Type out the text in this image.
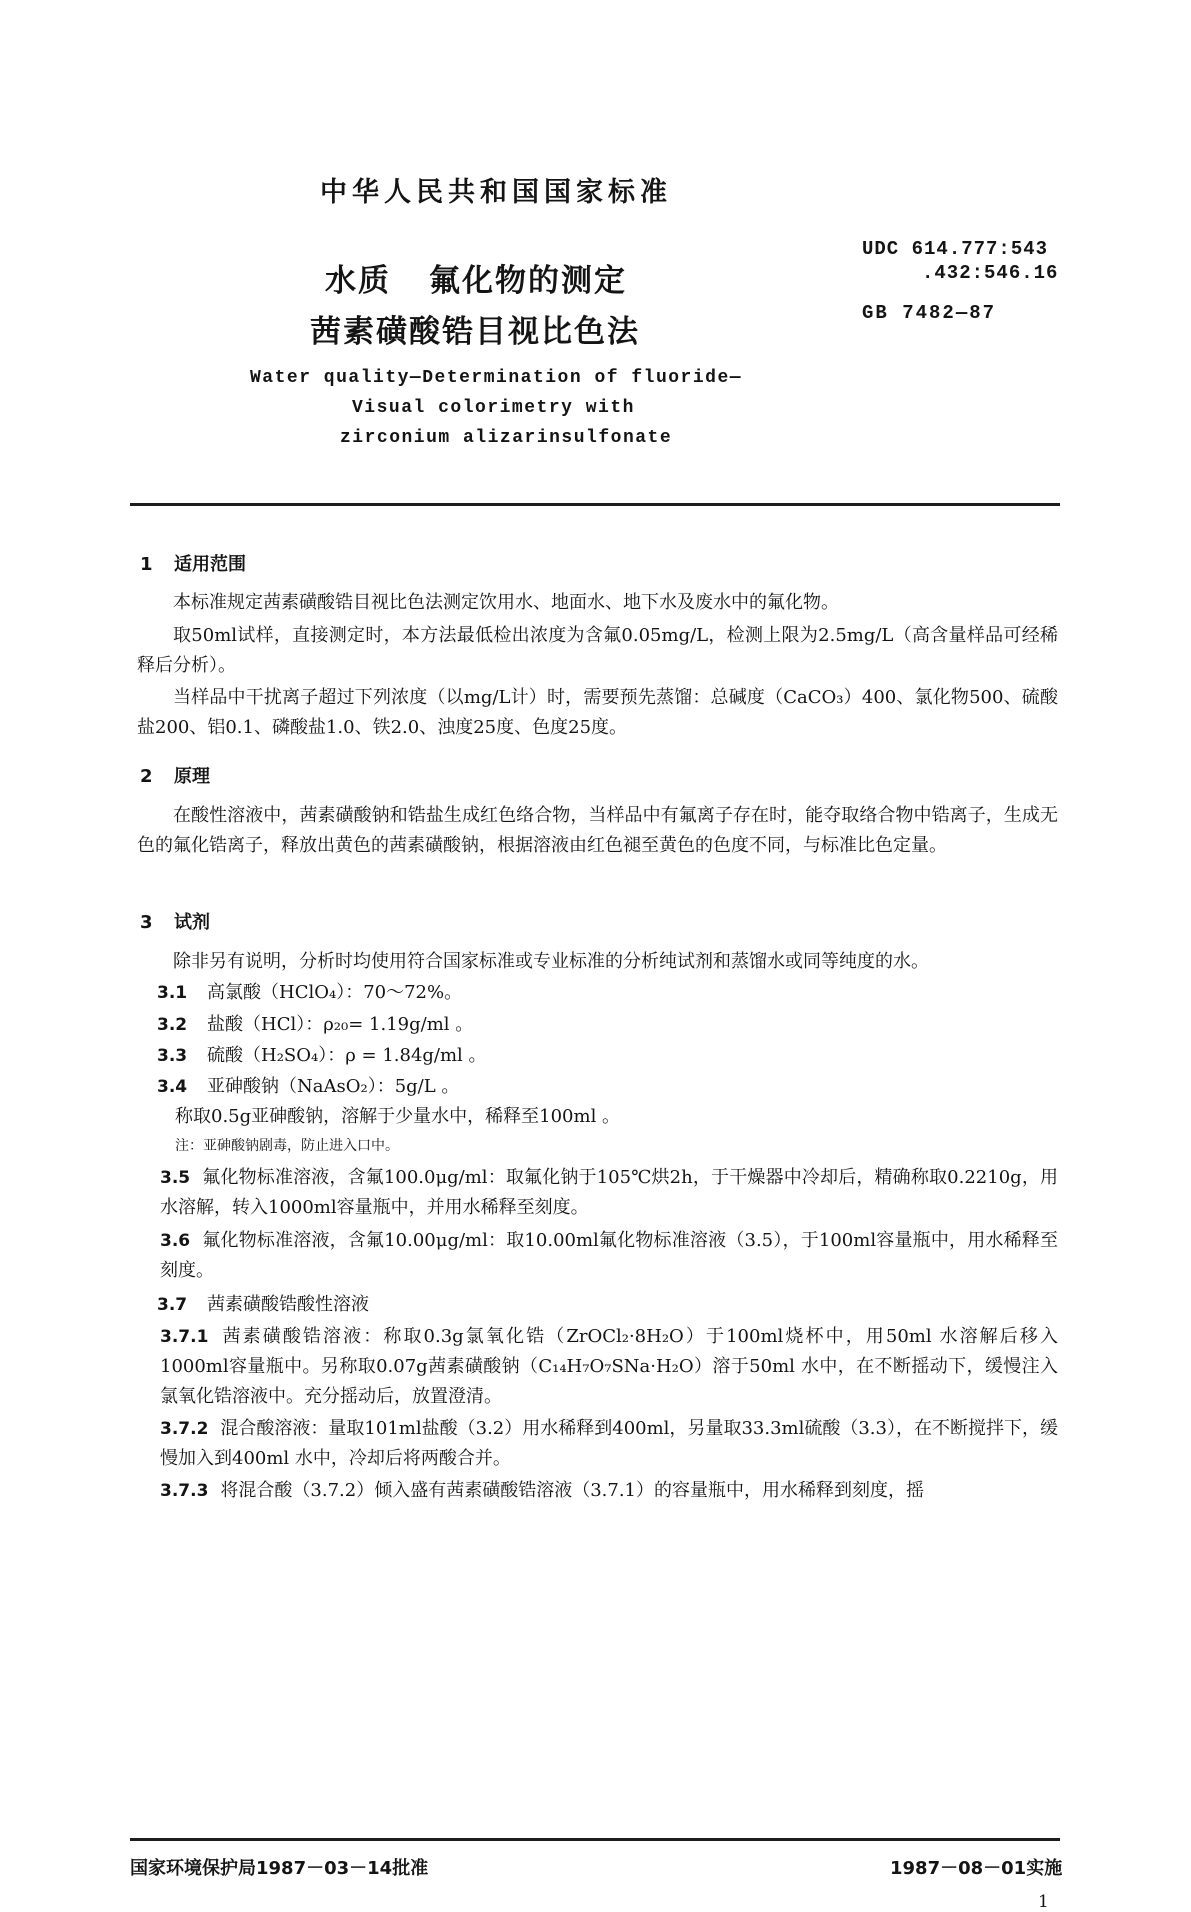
中华人民共和国国家标准
水质 氟化物的测定
茜素磺酸锆目视比色法
UDC 614.777:543
.432:546.16
GB 7482—87
Water quality—Determination of fluoride—
Visual colorimetry with
zirconium alizarinsulfonate
1 适用范围
本标准规定茜素磺酸锆目视比色法测定饮用水、地面水、地下水及废水中的氟化物。
取50ml试样，直接测定时，本方法最低检出浓度为含氟0.05mg/L，检测上限为2.5mg/L（高含量样品可经稀释后分析）。
当样品中干扰离子超过下列浓度（以mg/L计）时，需要预先蒸馏：总碱度（CaCO₃）400、氯化物500、硫酸盐200、铝0.1、磷酸盐1.0、铁2.0、浊度25度、色度25度。
2 原理
在酸性溶液中，茜素磺酸钠和锆盐生成红色络合物，当样品中有氟离子存在时，能夺取络合物中锆离子，生成无色的氟化锆离子，释放出黄色的茜素磺酸钠，根据溶液由红色褪至黄色的色度不同，与标准比色定量。
3 试剂
除非另有说明，分析时均使用符合国家标准或专业标准的分析纯试剂和蒸馏水或同等纯度的水。
3.1 高氯酸（HClO₄）：70～72%。
3.2 盐酸（HCl）：ρ₂₀= 1.19g/ml 。
3.3 硫酸（H₂SO₄）：ρ = 1.84g/ml 。
3.4 亚砷酸钠（NaAsO₂）：5g/L 。
称取0.5g亚砷酸钠，溶解于少量水中，稀释至100ml 。
注：亚砷酸钠剧毒，防止进入口中。
3.5 氟化物标准溶液，含氟100.0μg/ml：取氟化钠于105℃烘2h，于干燥器中冷却后，精确称取0.2210g，用水溶解，转入1000ml容量瓶中，并用水稀释至刻度。
3.6 氟化物标准溶液，含氟10.00μg/ml：取10.00ml氟化物标准溶液（3.5），于100ml容量瓶中，用水稀释至刻度。
3.7 茜素磺酸锆酸性溶液
3.7.1 茜素磺酸锆溶液：称取0.3g氯氧化锆（ZrOCl₂·8H₂O）于100ml烧杯中，用50ml 水溶解后移入1000ml容量瓶中。另称取0.07g茜素磺酸钠（C₁₄H₇O₇SNa·H₂O）溶于50ml 水中，在不断摇动下，缓慢注入氯氧化锆溶液中。充分摇动后，放置澄清。
3.7.2 混合酸溶液：量取101ml盐酸（3.2）用水稀释到400ml，另量取33.3ml硫酸（3.3），在不断搅拌下，缓慢加入到400ml 水中，冷却后将两酸合并。
3.7.3 将混合酸（3.7.2）倾入盛有茜素磺酸锆溶液（3.7.1）的容量瓶中，用水稀释到刻度，摇
国家环境保护局1987－03－14批准	1987－08－01实施
1
